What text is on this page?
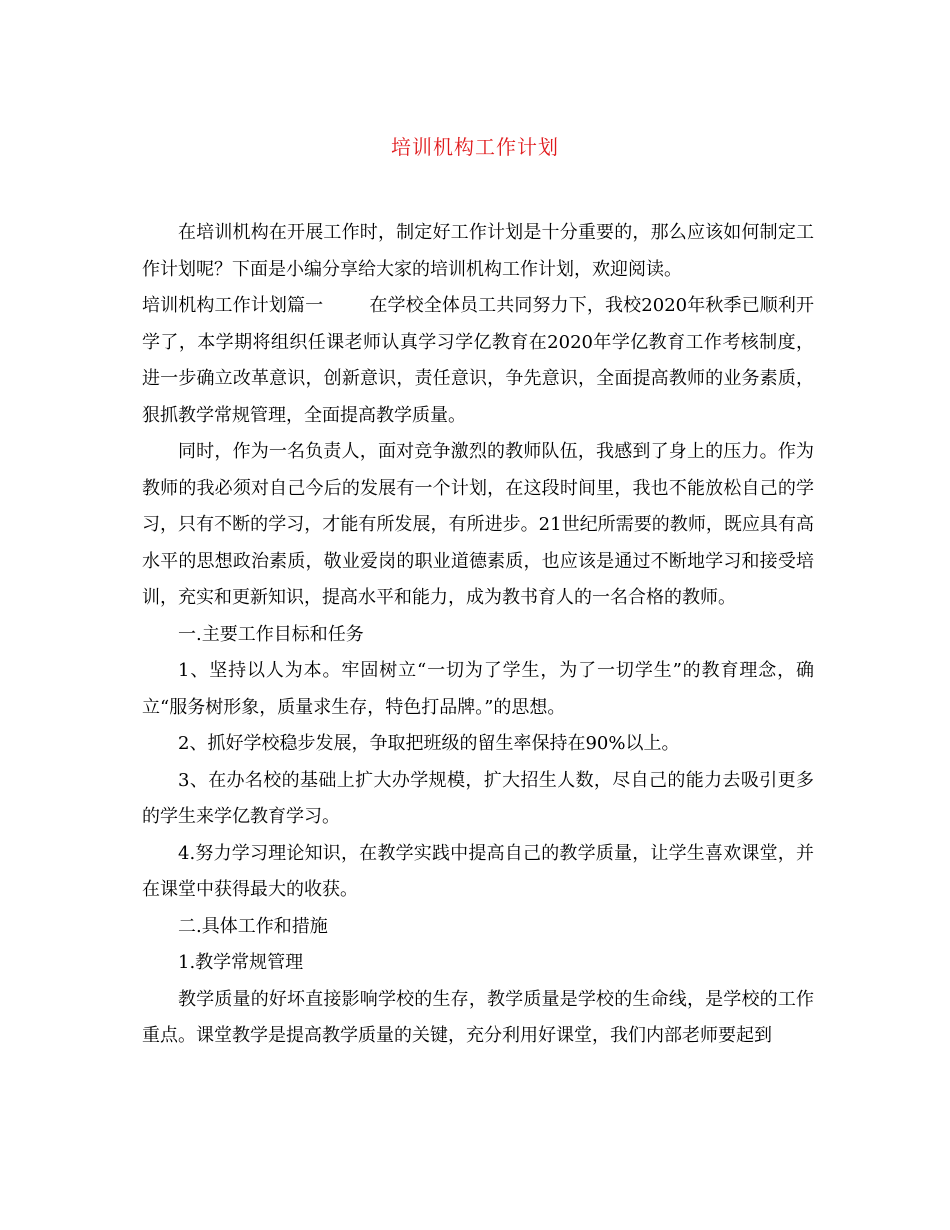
培训机构工作计划

在培训机构在开展工作时，制定好工作计划是十分重要的，那么应该如何制定工作计划呢？下面是小编分享给大家的培训机构工作计划，欢迎阅读。

培训机构工作计划篇一	在学校全体员工共同努力下，我校2020年秋季已顺利开学了，本学期将组织任课老师认真学习学亿教育在2020年学亿教育工作考核制度，进一步确立改革意识，创新意识，责任意识，争先意识，全面提高教师的业务素质，狠抓教学常规管理，全面提高教学质量。

同时，作为一名负责人，面对竞争激烈的教师队伍，我感到了身上的压力。作为教师的我必须对自己今后的发展有一个计划，在这段时间里，我也不能放松自己的学习，只有不断的学习，才能有所发展，有所进步。21世纪所需要的教师，既应具有高水平的思想政治素质，敬业爱岗的职业道德素质，也应该是通过不断地学习和接受培训，充实和更新知识，提高水平和能力，成为教书育人的一名合格的教师。

一.主要工作目标和任务

1、坚持以人为本。牢固树立“一切为了学生，为了一切学生”的教育理念，确立“服务树形象，质量求生存，特色打品牌。”的思想。

2、抓好学校稳步发展，争取把班级的留生率保持在90%以上。

3、在办名校的基础上扩大办学规模，扩大招生人数，尽自己的能力去吸引更多的学生来学亿教育学习。

4.努力学习理论知识，在教学实践中提高自己的教学质量，让学生喜欢课堂，并在课堂中获得最大的收获。

二.具体工作和措施

1.教学常规管理

教学质量的好坏直接影响学校的生存，教学质量是学校的生命线，是学校的工作重点。课堂教学是提高教学质量的关键，充分利用好课堂，我们内部老师要起到
